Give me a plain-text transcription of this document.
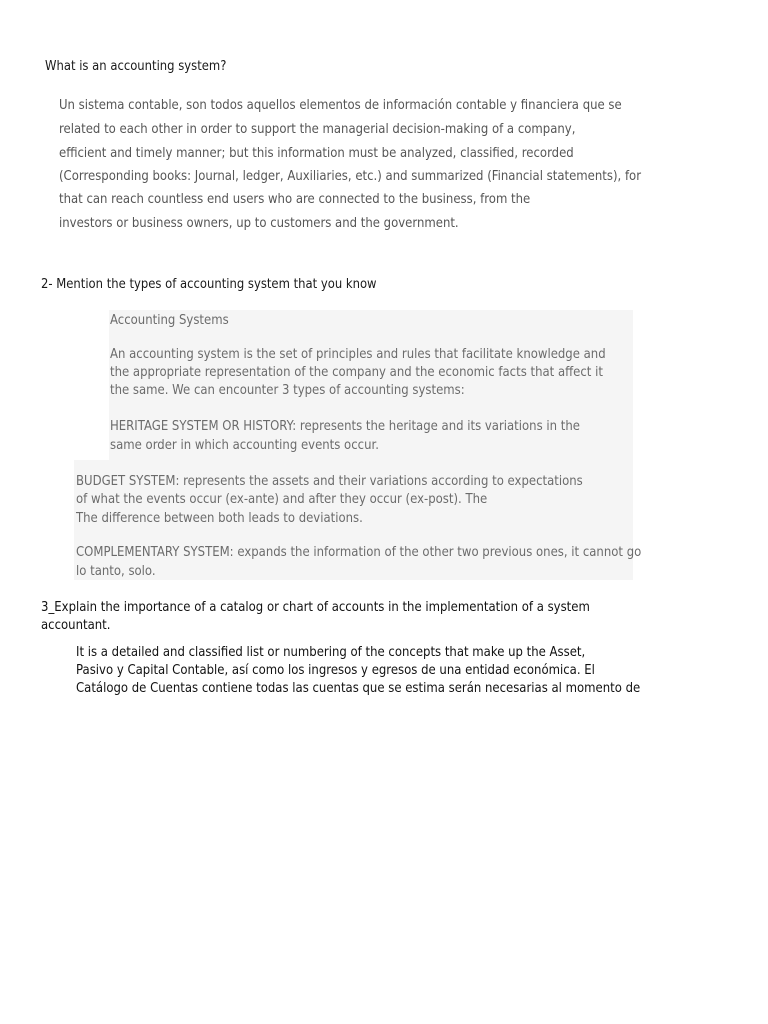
What is an accounting system?
Un sistema contable, son todos aquellos elementos de información contable y financiera que se
related to each other in order to support the managerial decision-making of a company,
efficient and timely manner; but this information must be analyzed, classified, recorded
(Corresponding books: Journal, ledger, Auxiliaries, etc.) and summarized (Financial statements), for
that can reach countless end users who are connected to the business, from the
investors or business owners, up to customers and the government.
2- Mention the types of accounting system that you know
Accounting Systems
An accounting system is the set of principles and rules that facilitate knowledge and
the appropriate representation of the company and the economic facts that affect it
the same. We can encounter 3 types of accounting systems:
HERITAGE SYSTEM OR HISTORY: represents the heritage and its variations in the
same order in which accounting events occur.
BUDGET SYSTEM: represents the assets and their variations according to expectations
of what the events occur (ex-ante) and after they occur (ex-post). The
The difference between both leads to deviations.
COMPLEMENTARY SYSTEM: expands the information of the other two previous ones, it cannot go
lo tanto, solo.
3_Explain the importance of a catalog or chart of accounts in the implementation of a system
accountant.
It is a detailed and classified list or numbering of the concepts that make up the Asset,
Pasivo y Capital Contable, así como los ingresos y egresos de una entidad económica. El
Catálogo de Cuentas contiene todas las cuentas que se estima serán necesarias al momento de
